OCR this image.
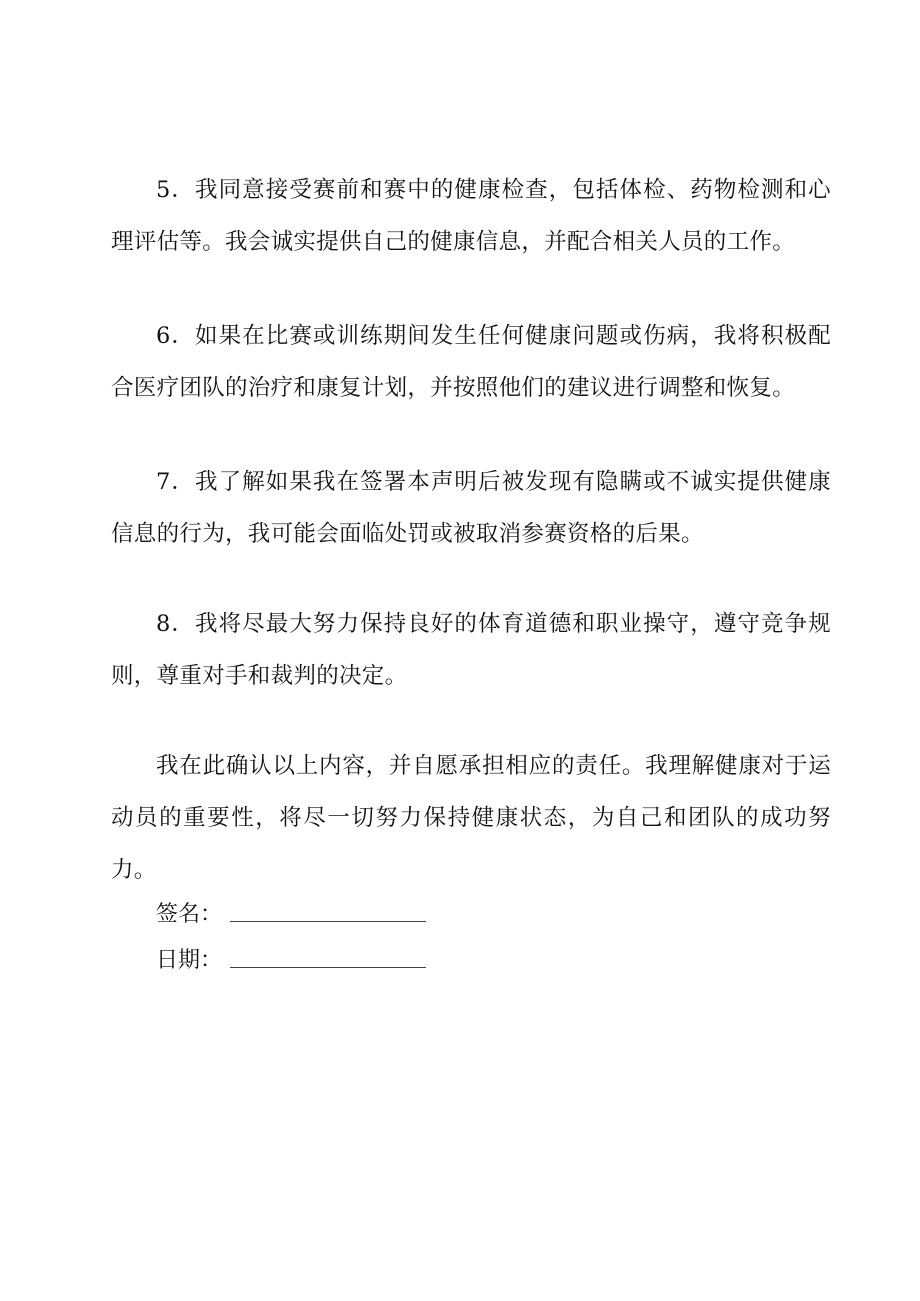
5．我同意接受赛前和赛中的健康检查，包括体检、药物检测和心理评估等。我会诚实提供自己的健康信息，并配合相关人员的工作。

6．如果在比赛或训练期间发生任何健康问题或伤病，我将积极配合医疗团队的治疗和康复计划，并按照他们的建议进行调整和恢复。

7．我了解如果我在签署本声明后被发现有隐瞒或不诚实提供健康信息的行为，我可能会面临处罚或被取消参赛资格的后果。

8．我将尽最大努力保持良好的体育道德和职业操守，遵守竞争规则，尊重对手和裁判的决定。

我在此确认以上内容，并自愿承担相应的责任。我理解健康对于运动员的重要性，将尽一切努力保持健康状态，为自己和团队的成功努力。

签名：
日期：
